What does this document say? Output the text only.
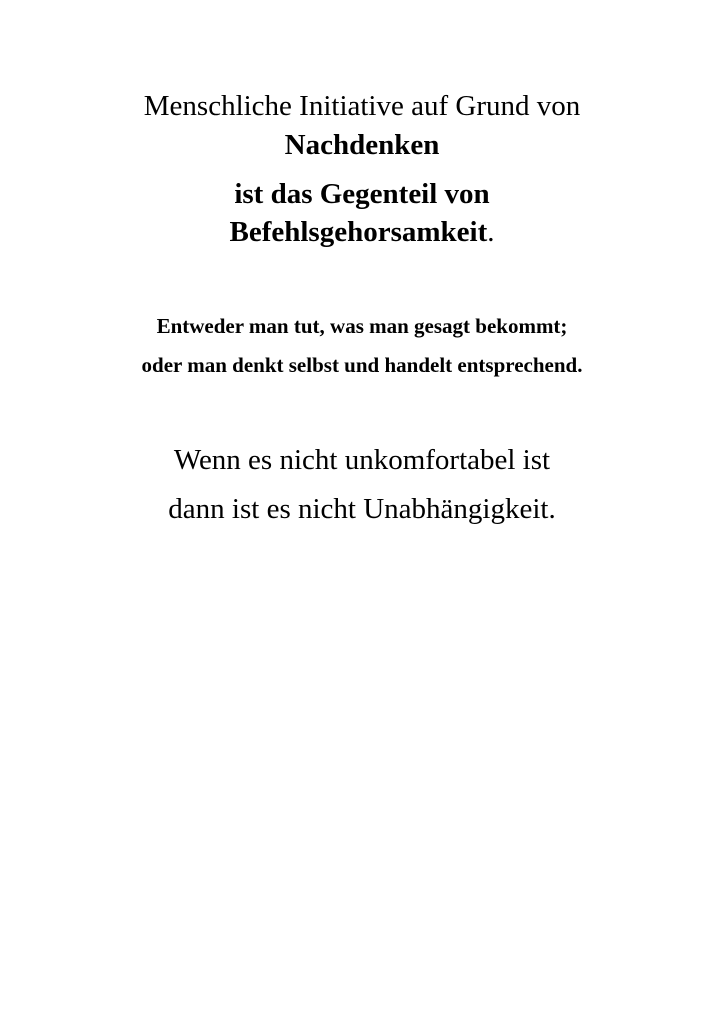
Menschliche Initiative auf Grund von
Nachdenken
ist das Gegenteil von
Befehlsgehorsamkeit.
Entweder man tut, was man gesagt bekommt;
oder man denkt selbst und handelt entsprechend.
Wenn es nicht unkomfortabel ist
dann ist es nicht Unabhängigkeit.
